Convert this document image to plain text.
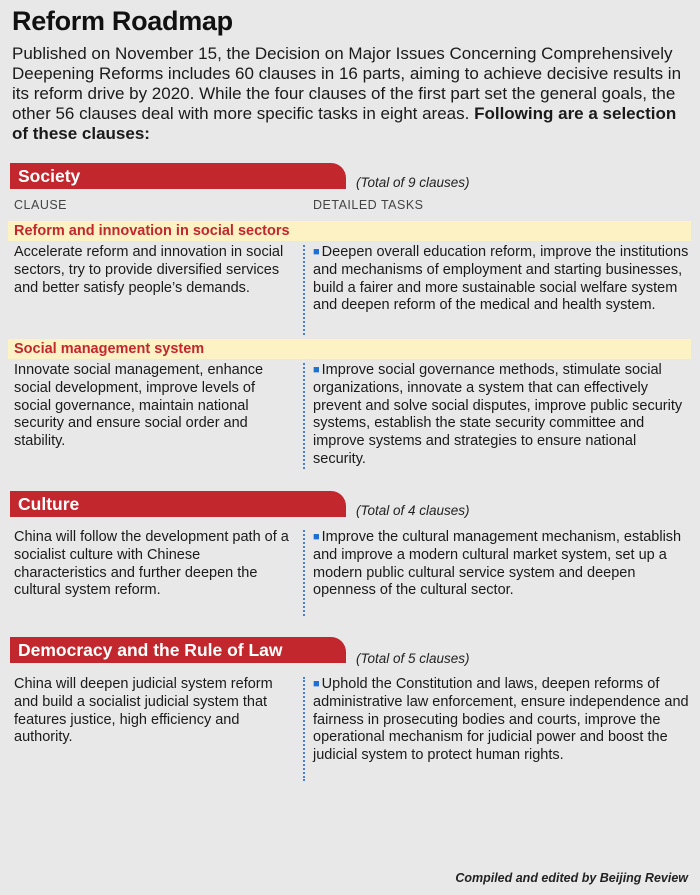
Reform Roadmap
Published on November 15, the Decision on Major Issues Concerning Comprehensively Deepening Reforms includes 60 clauses in 16 parts, aiming to achieve decisive results in its reform drive by 2020. While the four clauses of the first part set the general goals, the other 56 clauses deal with more specific tasks in eight areas. Following are a selection of these clauses:
Society	(Total of 9 clauses)
CLAUSE	DETAILED TASKS
Reform and innovation in social sectors
Accelerate reform and innovation in social sectors, try to provide diversified services and better satisfy people’s demands.
■ Deepen overall education reform, improve the institutions and mechanisms of employment and starting businesses, build a fairer and more sustainable social welfare system and deepen reform of the medical and health system.
Social management system
Innovate social management, enhance social development, improve levels of social governance, maintain national security and ensure social order and stability.
■ Improve social governance methods, stimulate social organizations, innovate a system that can effectively prevent and solve social disputes, improve public security systems, establish the state security committee and improve systems and strategies to ensure national security.
Culture	(Total of 4 clauses)
China will follow the development path of a socialist culture with Chinese characteristics and further deepen the cultural system reform.
■ Improve the cultural management mechanism, establish and improve a modern cultural market system, set up a modern public cultural service system and deepen openness of the cultural sector.
Democracy and the Rule of Law	(Total of 5 clauses)
China will deepen judicial system reform and build a socialist judicial system that features justice, high efficiency and authority.
■ Uphold the Constitution and laws, deepen reforms of administrative law enforcement, ensure independence and fairness in prosecuting bodies and courts, improve the operational mechanism for judicial power and boost the judicial system to protect human rights.
Compiled and edited by Beijing Review
